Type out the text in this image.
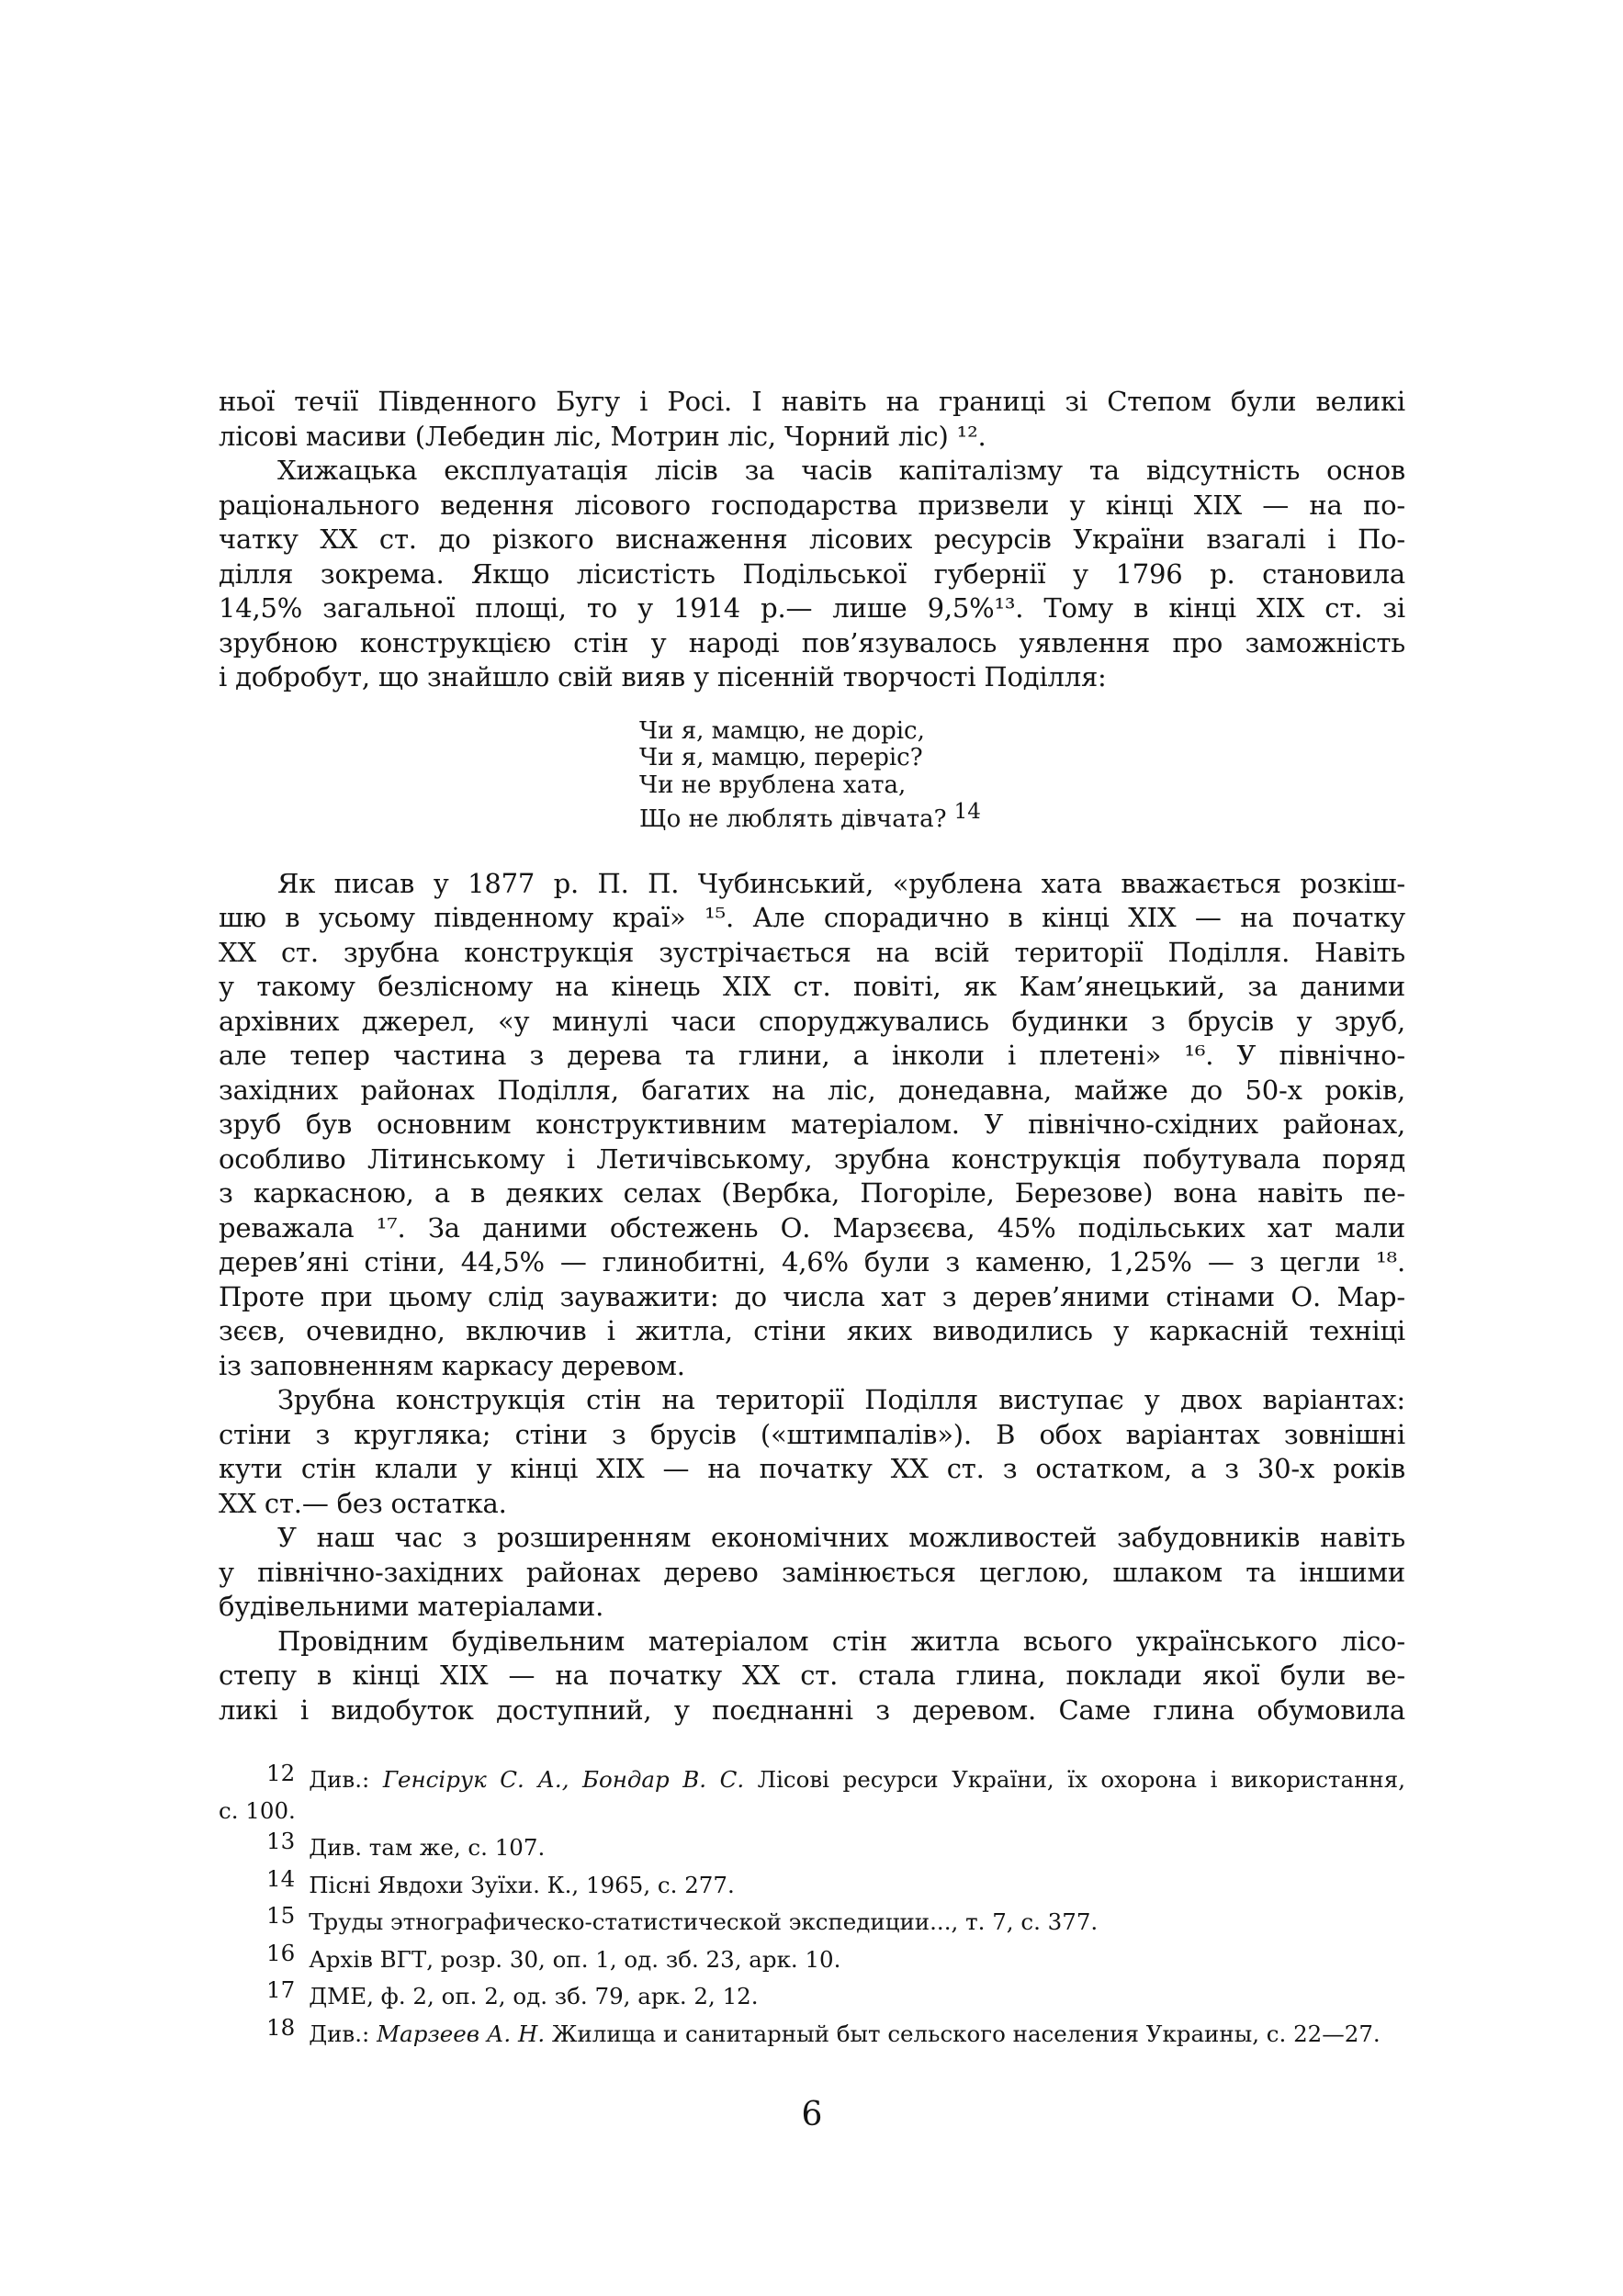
ньої течії Південного Бугу і Росі. І навіть на границі зі Степом були великі
лісові масиви (Лебедин ліс, Мотрин ліс, Чорний ліс) ¹².
Хижацька експлуатація лісів за часів капіталізму та відсутність основ
раціонального ведення лісового господарства призвели у кінці XIX — на по-
чатку XX ст. до різкого виснаження лісових ресурсів України взагалі і По-
ділля зокрема. Якщо лісистість Подільської губернії у 1796 р. становила
14,5% загальної площі, то у 1914 р.— лише 9,5%¹³. Тому в кінці XIX ст. зі
зрубною конструкцією стін у народі пов’язувалось уявлення про заможність
і добробут, що знайшло свій вияв у пісенній творчості Поділля:
Чи я, мамцю, не доріс,
Чи я, мамцю, переріс?
Чи не врублена хата,
Що не люблять дівчата? 14
Як писав у 1877 р. П. П. Чубинський, «рублена хата вважається розкіш-
шю в усьому південному краї» ¹⁵. Але спорадично в кінці XIX — на початку
XX ст. зрубна конструкція зустрічається на всій території Поділля. Навіть
у такому безлісному на кінець XIX ст. повіті, як Кам’янецький, за даними
архівних джерел, «у минулі часи споруджувались будинки з брусів у зруб,
але тепер частина з дерева та глини, а інколи і плетені» ¹⁶. У північно-
західних районах Поділля, багатих на ліс, донедавна, майже до 50-х років,
зруб був основним конструктивним матеріалом. У північно-східних районах,
особливо Літинському і Летичівському, зрубна конструкція побутувала поряд
з каркасною, а в деяких селах (Вербка, Погоріле, Березове) вона навіть пе-
реважала ¹⁷. За даними обстежень О. Марзєєва, 45% подільських хат мали
дерев’яні стіни, 44,5% — глинобитні, 4,6% були з каменю, 1,25% — з цегли ¹⁸.
Проте при цьому слід зауважити: до числа хат з дерев’яними стінами О. Мар-
зєєв, очевидно, включив і житла, стіни яких виводились у каркасній техніці
із заповненням каркасу деревом.
Зрубна конструкція стін на території Поділля виступає у двох варіантах:
стіни з кругляка; стіни з брусів («штимпалів»). В обох варіантах зовнішні
кути стін клали у кінці XIX — на початку XX ст. з остатком, а з 30-х років
XX ст.— без остатка.
У наш час з розширенням економічних можливостей забудовників навіть
у північно-західних районах дерево замінюється цеглою, шлаком та іншими
будівельними матеріалами.
Провідним будівельним матеріалом стін житла всього українського лісо-
степу в кінці XIX — на початку XX ст. стала глина, поклади якої були ве-
ликі і видобуток доступний, у поєднанні з деревом. Саме глина обумовила
12 Див.: Генсірук С. А., Бондар В. С. Лісові ресурси України, їх охорона і використання,
с. 100.
13 Див. там же, с. 107.
14 Пісні Явдохи Зуїхи. К., 1965, с. 277.
15 Труды этнографическо-статистической экспедиции..., т. 7, с. 377.
16 Архів ВГТ, розр. 30, оп. 1, од. зб. 23, арк. 10.
17 ДМЕ, ф. 2, оп. 2, од. зб. 79, арк. 2, 12.
18 Див.: Марзеев А. Н. Жилища и санитарный быт сельского населения Украины, с. 22—27.
6
